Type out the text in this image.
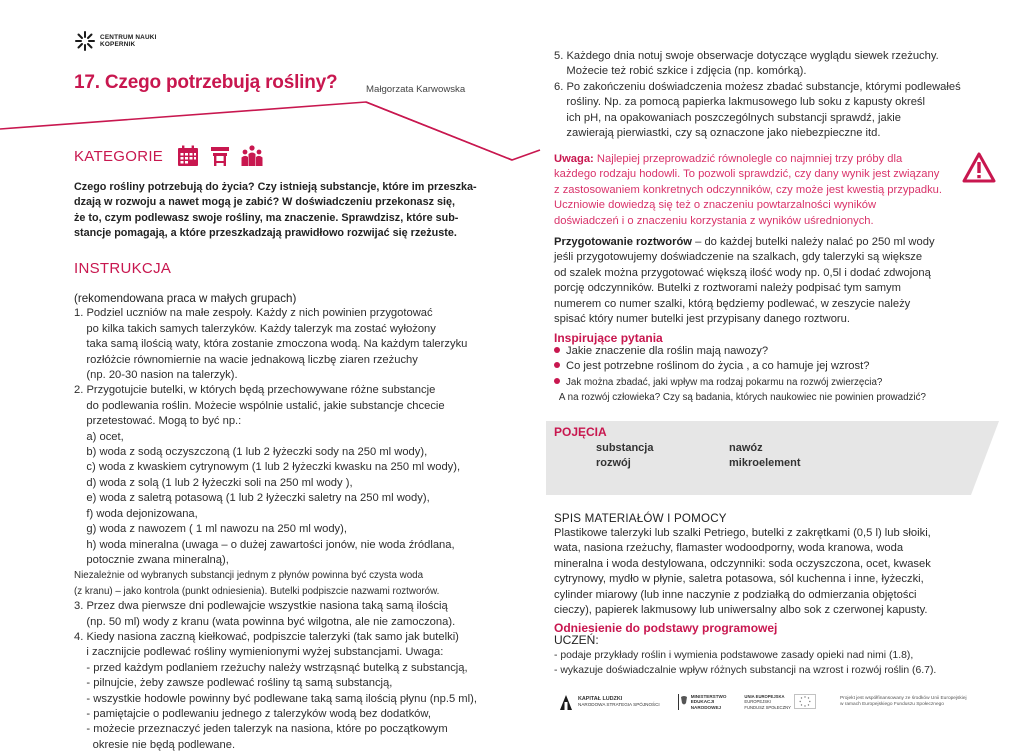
CENTRUM NAUKI
KOPERNIK
17. Czego potrzebują rośliny?	Małgorzata Karwowska
KATEGORIE
Czego rośliny potrzebują do życia? Czy istnieją substancje, które im przeszka-
dzają w rozwoju a nawet mogą je zabić? W doświadczeniu przekonasz się,
że to, czym podlewasz swoje rośliny, ma znaczenie. Sprawdzisz, które sub-
stancje pomagają, a które przeszkadzają prawidłowo rozwijać się rzeżuste.
INSTRUKCJA
(rekomendowana praca w małych grupach)
1. Podziel uczniów na małe zespoły. Każdy z nich powinien przygotować
po kilka takich samych talerzyków. Każdy talerzyk ma zostać wyłożony
taka samą ilością waty, która zostanie zmoczona wodą. Na każdym talerzyku
rozłóżcie równomiernie na wacie jednakową liczbę ziaren rzeżuchy
(np. 20-30 nasion na talerzyk).
2. Przygotujcie butelki, w których będą przechowywane różne substancje
do podlewania roślin. Możecie wspólnie ustalić, jakie substancje chcecie
przetestować. Mogą to być np.:
a) ocet,
b) woda z sodą oczyszczoną (1 lub 2 łyżeczki sody na 250 ml wody),
c) woda z kwaskiem cytrynowym (1 lub 2 łyżeczki kwasku na 250 ml wody),
d) woda z solą (1 lub 2 łyżeczki soli na 250 ml wody ),
e) woda z saletrą potasową (1 lub 2 łyżeczki saletry na 250 ml wody),
f) woda dejonizowana,
g) woda z nawozem ( 1 ml nawozu na 250 ml wody),
h) woda mineralna (uwaga – o dużej zawartości jonów, nie woda źródlana,
potocznie zwana mineralną),
Niezależnie od wybranych substancji jednym z płynów powinna być czysta woda
(z kranu) – jako kontrola (punkt odniesienia). Butelki podpiszcie nazwami roztworów.
3. Przez dwa pierwsze dni podlewajcie wszystkie nasiona taką samą ilością
(np. 50 ml) wody z kranu (wata powinna być wilgotna, ale nie zamoczona).
4. Kiedy nasiona zaczną kiełkować, podpiszcie talerzyki (tak samo jak butelki)
i zacznijcie podlewać rośliny wymienionymi wyżej substancjami. Uwaga:
- przed każdym podlaniem rzeżuchy należy wstrząsnąć butelką z substancją,
- pilnujcie, żeby zawsze podlewać rośliny tą samą substancją,
- wszystkie hodowle powinny być podlewane taką samą ilością płynu (np.5 ml),
- pamiętajcie o podlewaniu jednego z talerzyków wodą bez dodatków,
- możecie przeznaczyć jeden talerzyk na nasiona, które po początkowym
okresie nie będą podlewane.
5. Każdego dnia notuj swoje obserwacje dotyczące wyglądu siewek rzeżuchy.
Możecie też robić szkice i zdjęcia (np. komórką).
6. Po zakończeniu doświadczenia możesz zbadać substancje, którymi podlewałeś
rośliny. Np. za pomocą papierka lakmusowego lub soku z kapusty określ
ich pH, na opakowaniach poszczególnych substancji sprawdź, jakie
zawierają pierwiastki, czy są oznaczone jako niebezpieczne itd.
Uwaga: Najlepiej przeprowadzić równolegle co najmniej trzy próby dla
każdego rodzaju hodowli. To pozwoli sprawdzić, czy dany wynik jest związany
z zastosowaniem konkretnych odczynników, czy może jest kwestią przypadku.
Uczniowie dowiedzą się też o znaczeniu powtarzalności wyników
doświadczeń i o znaczeniu korzystania z wyników uśrednionych.
Przygotowanie roztworów – do każdej butelki należy nalać po 250 ml wody
jeśli przygotowujemy doświadczenie na szalkach, gdy talerzyki są większe
od szalek można przygotować większą ilość wody np. 0,5l i dodać zdwojoną
porcję odczynników. Butelki z roztworami należy podpisać tym samym
numerem co numer szalki, którą będziemy podlewać, w zeszycie należy
spisać który numer butelki jest przypisany danego roztworu.
Inspirujące pytania
Jakie znaczenie dla roślin mają nawozy?
Co jest potrzebne roślinom do życia , a co hamuje jej wzrost?
Jak można zbadać, jaki wpływ ma rodzaj pokarmu na rozwój zwierzęcia?
A na rozwój człowieka? Czy są badania, których naukowiec nie powinien prowadzić?
POJĘCIA
substancja	nawóz
rozwój	mikroelement
SPIS MATERIAŁÓW I POMOCY
Plastikowe talerzyki lub szalki Petriego, butelki z zakrętkami (0,5 l) lub słoiki,
wata, nasiona rzeżuchy, flamaster wodoodporny, woda kranowa, woda
mineralna i woda destylowana, odczynniki: soda oczyszczona, ocet, kwasek
cytrynowy, mydło w płynie, saletra potasowa, sól kuchenna i inne, łyżeczki,
cylinder miarowy (lub inne naczynie z podziałką do odmierzania objętości
cieczy), papierek lakmusowy lub uniwersalny albo sok z czerwonej kapusty.
Odniesienie do podstawy programowej
UCZEŃ:
- podaje przykłady roślin i wymienia podstawowe zasady opieki nad nimi (1.8),
- wykazuje doświadczalnie wpływ różnych substancji na wzrost i rozwój roślin (6.7).
KAPITAŁ LUDZKI
NARODOWA STRATEGIA SPÓJNOŚCI
MINISTERSTWO
EDUKACJI
NARODOWEJ
UNIA EUROPEJSKA
EUROPEJSKI
FUNDUSZ SPOŁECZNY
Projekt jest współfinansowany ze środków Unii Europejskiej
w ramach Europejskiego Funduszu Społecznego
